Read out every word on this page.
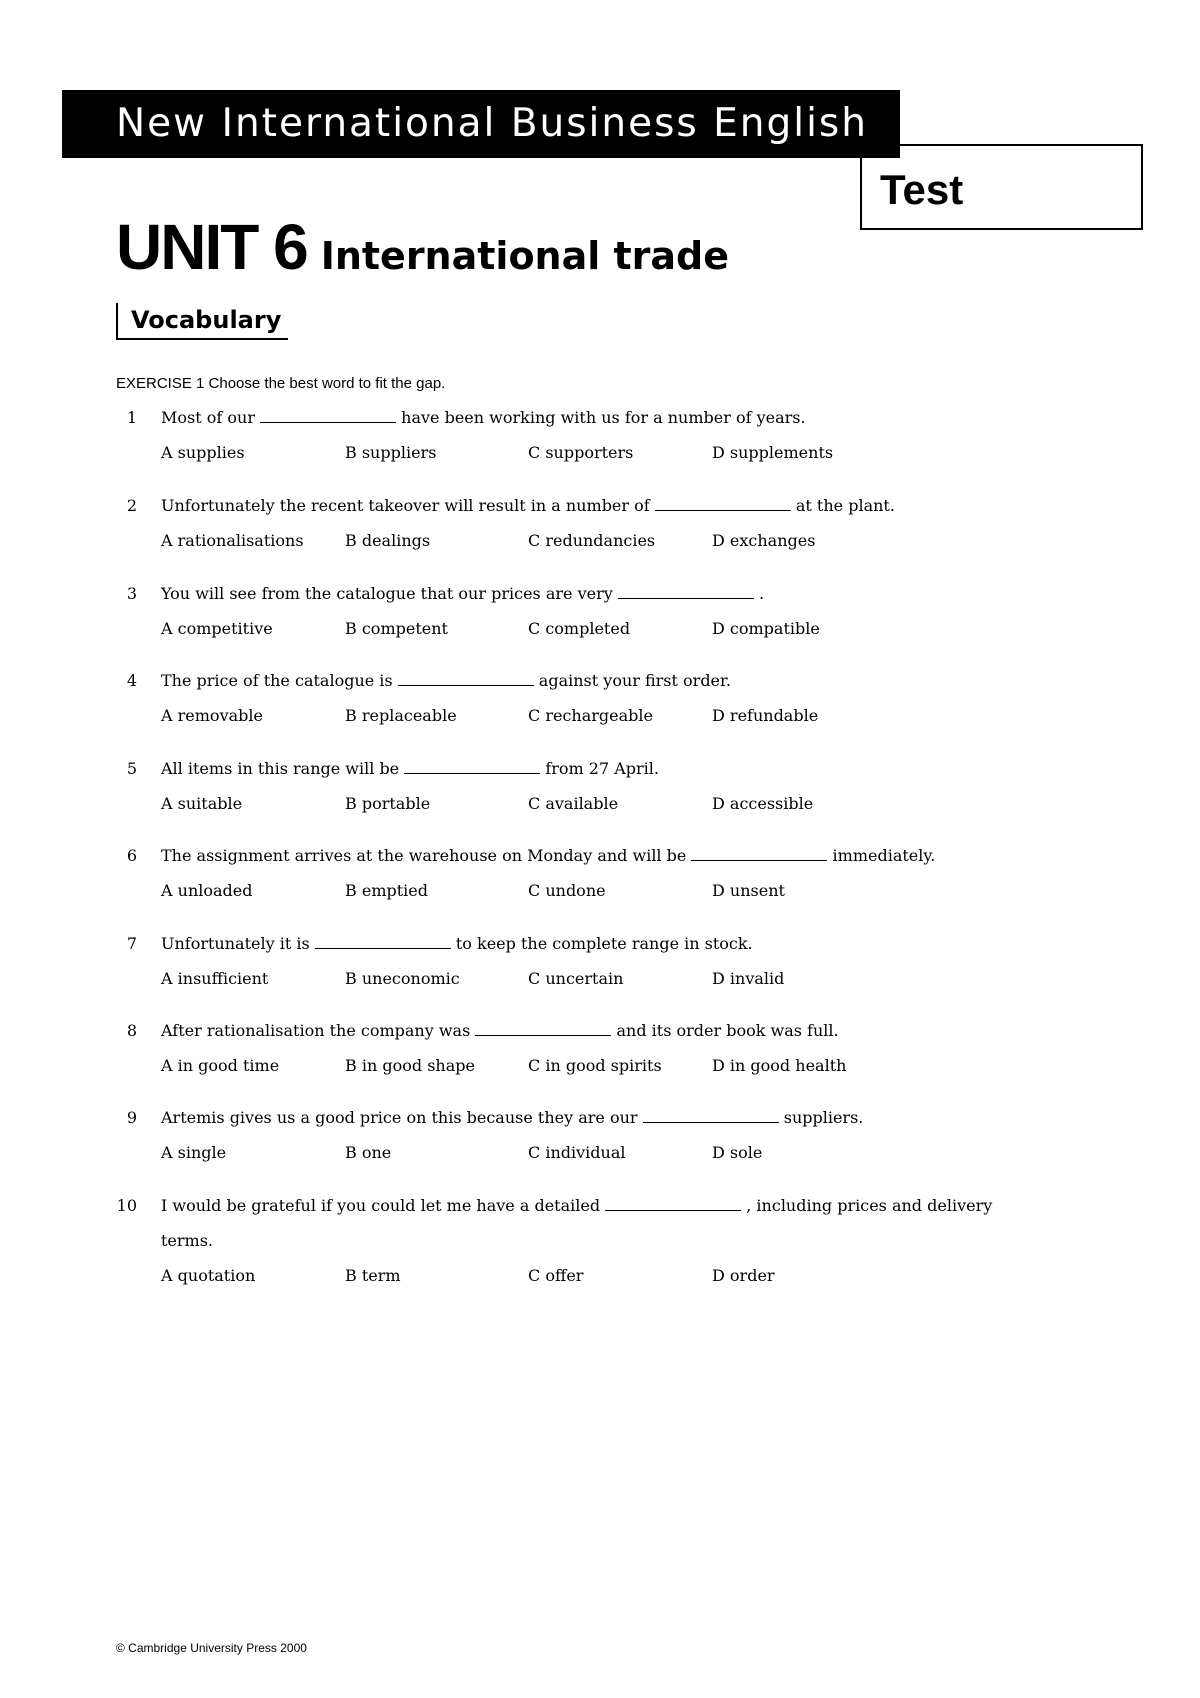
New International Business English
Test
UNIT 6 International trade
Vocabulary
EXERCISE 1 Choose the best word to fit the gap.
1 Most of our	have been working with us for a number of years.
A supplies	B suppliers	C supporters	D supplements
2 Unfortunately the recent takeover will result in a number of	at the plant.
A rationalisations	B dealings	C redundancies	D exchanges
3 You will see from the catalogue that our prices are very	.
A competitive	B competent	C completed	D compatible
4 The price of the catalogue is	against your first order.
A removable	B replaceable	C rechargeable	D refundable
5 All items in this range will be	from 27 April.
A suitable	B portable	C available	D accessible
6 The assignment arrives at the warehouse on Monday and will be	immediately.
A unloaded	B emptied	C undone	D unsent
7 Unfortunately it is	to keep the complete range in stock.
A insufficient	B uneconomic	C uncertain	D invalid
8 After rationalisation the company was	and its order book was full.
A in good time	B in good shape	C in good spirits	D in good health
9 Artemis gives us a good price on this because they are our	suppliers.
A single	B one	C individual	D sole
10 I would be grateful if you could let me have a detailed	, including prices and delivery
terms.
A quotation	B term	C offer	D order
© Cambridge University Press 2000
